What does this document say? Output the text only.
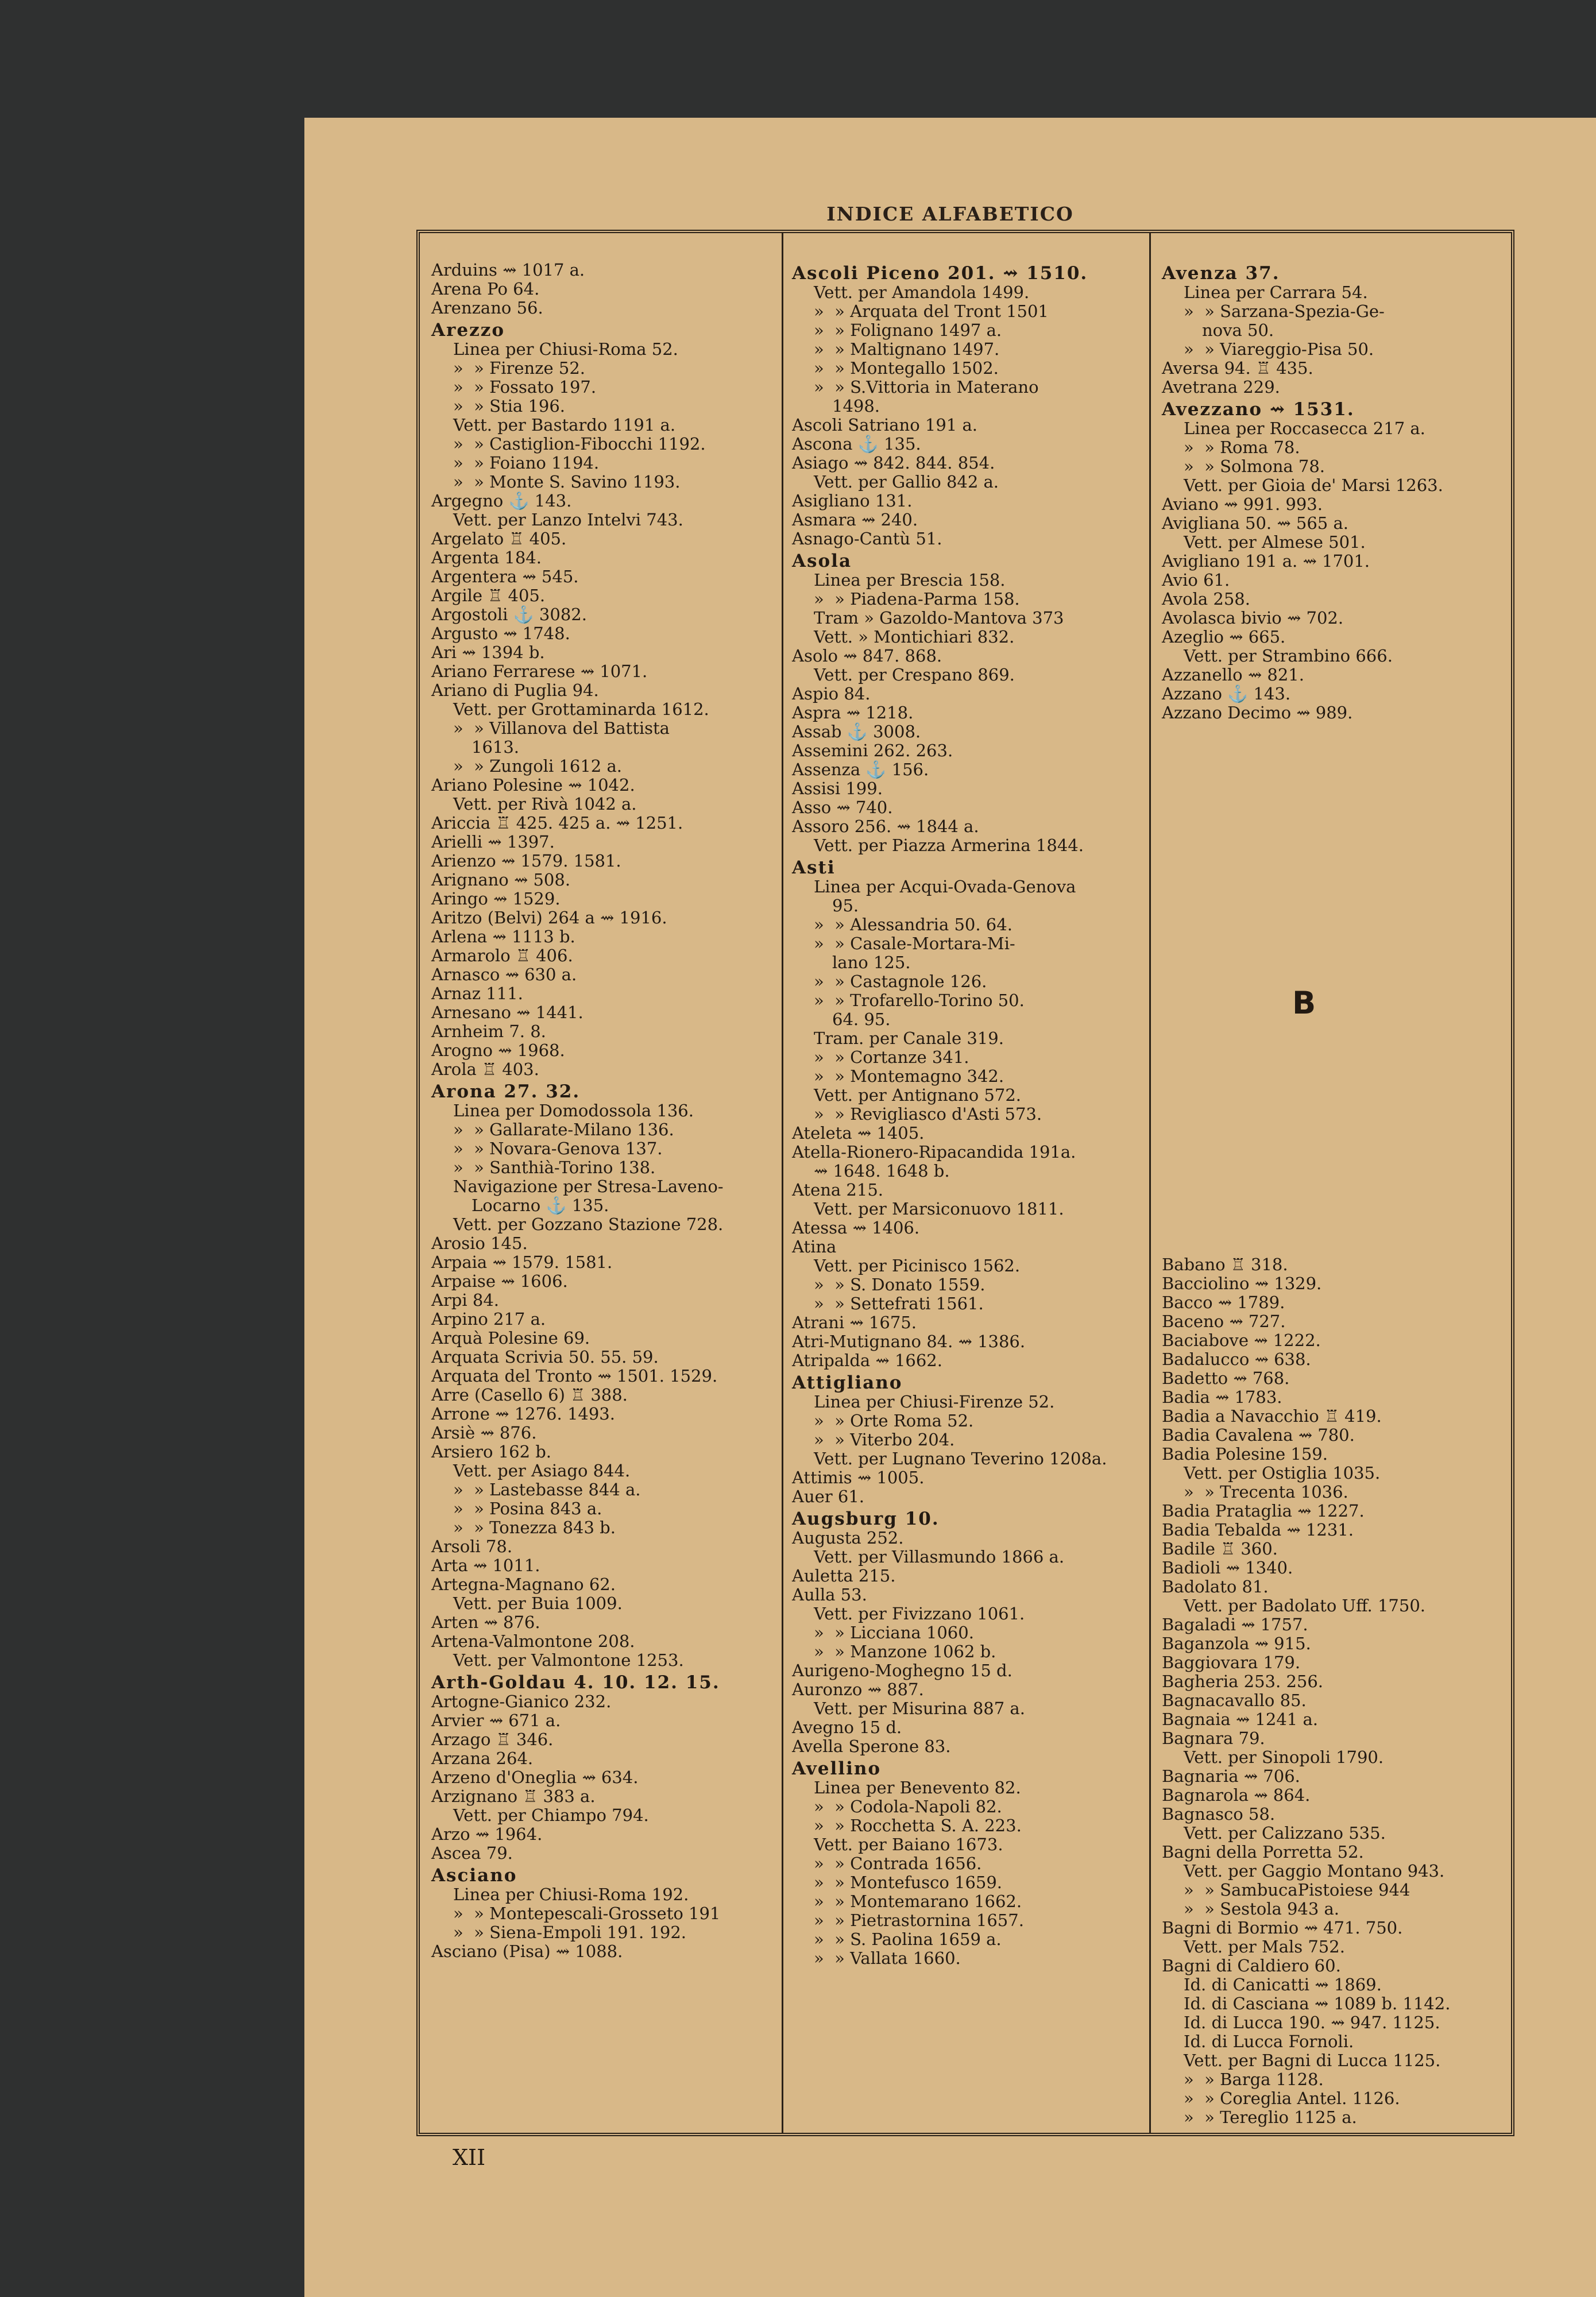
INDICE ALFABETICO
Arduins ⇝ 1017 a.
Arena Po 64.
Arenzano 56.
Arezzo
Linea per Chiusi-Roma 52.
»  » Firenze 52.
»  » Fossato 197.
»  » Stia 196.
Vett. per Bastardo 1191 a.
»  » Castiglion-Fibocchi 1192.
»  » Foiano 1194.
»  » Monte S. Savino 1193.
Argegno ⚓ 143.
Vett. per Lanzo Intelvi 743.
Argelato ♖ 405.
Argenta 184.
Argentera ⇝ 545.
Argile ♖ 405.
Argostoli ⚓ 3082.
Argusto ⇝ 1748.
Ari ⇝ 1394 b.
Ariano Ferrarese ⇝ 1071.
Ariano di Puglia 94.
Vett. per Grottaminarda 1612.
»  » Villanova del Battista
1613.
»  » Zungoli 1612 a.
Ariano Polesine ⇝ 1042.
Vett. per Rivà 1042 a.
Ariccia ♖ 425. 425 a. ⇝ 1251.
Arielli ⇝ 1397.
Arienzo ⇝ 1579. 1581.
Arignano ⇝ 508.
Aringo ⇝ 1529.
Aritzo (Belvi) 264 a ⇝ 1916.
Arlena ⇝ 1113 b.
Armarolo ♖ 406.
Arnasco ⇝ 630 a.
Arnaz 111.
Arnesano ⇝ 1441.
Arnheim 7. 8.
Arogno ⇝ 1968.
Arola ♖ 403.
Arona 27. 32.
Linea per Domodossola 136.
»  » Gallarate-Milano 136.
»  » Novara-Genova 137.
»  » Santhià-Torino 138.
Navigazione per Stresa-Laveno-
Locarno ⚓ 135.
Vett. per Gozzano Stazione 728.
Arosio 145.
Arpaia ⇝ 1579. 1581.
Arpaise ⇝ 1606.
Arpi 84.
Arpino 217 a.
Arquà Polesine 69.
Arquata Scrivia 50. 55. 59.
Arquata del Tronto ⇝ 1501. 1529.
Arre (Casello 6) ♖ 388.
Arrone ⇝ 1276. 1493.
Arsiè ⇝ 876.
Arsiero 162 b.
Vett. per Asiago 844.
»  » Lastebasse 844 a.
»  » Posina 843 a.
»  » Tonezza 843 b.
Arsoli 78.
Arta ⇝ 1011.
Artegna-Magnano 62.
Vett. per Buia 1009.
Arten ⇝ 876.
Artena-Valmontone 208.
Vett. per Valmontone 1253.
Arth-Goldau 4. 10. 12. 15.
Artogne-Gianico 232.
Arvier ⇝ 671 a.
Arzago ♖ 346.
Arzana 264.
Arzeno d'Oneglia ⇝ 634.
Arzignano ♖ 383 a.
Vett. per Chiampo 794.
Arzo ⇝ 1964.
Ascea 79.
Asciano
Linea per Chiusi-Roma 192.
»  » Montepescali-Grosseto 191
»  » Siena-Empoli 191. 192.
Asciano (Pisa) ⇝ 1088.
Ascoli Piceno 201. ⇝ 1510.
Vett. per Amandola 1499.
»  » Arquata del Tront 1501
»  » Folignano 1497 a.
»  » Maltignano 1497.
»  » Montegallo 1502.
»  » S.Vittoria in Materano
1498.
Ascoli Satriano 191 a.
Ascona ⚓ 135.
Asiago ⇝ 842. 844. 854.
Vett. per Gallio 842 a.
Asigliano 131.
Asmara ⇝ 240.
Asnago-Cantù 51.
Asola
Linea per Brescia 158.
»  » Piadena-Parma 158.
Tram » Gazoldo-Mantova 373
Vett. » Montichiari 832.
Asolo ⇝ 847. 868.
Vett. per Crespano 869.
Aspio 84.
Aspra ⇝ 1218.
Assab ⚓ 3008.
Assemini 262. 263.
Assenza ⚓ 156.
Assisi 199.
Asso ⇝ 740.
Assoro 256. ⇝ 1844 a.
Vett. per Piazza Armerina 1844.
Asti
Linea per Acqui-Ovada-Genova
95.
»  » Alessandria 50. 64.
»  » Casale-Mortara-Mi-
lano 125.
»  » Castagnole 126.
»  » Trofarello-Torino 50.
64. 95.
Tram. per Canale 319.
»  » Cortanze 341.
»  » Montemagno 342.
Vett. per Antignano 572.
»  » Revigliasco d'Asti 573.
Ateleta ⇝ 1405.
Atella-Rionero-Ripacandida 191a.
⇝ 1648. 1648 b.
Atena 215.
Vett. per Marsiconuovo 1811.
Atessa ⇝ 1406.
Atina
Vett. per Picinisco 1562.
»  » S. Donato 1559.
»  » Settefrati 1561.
Atrani ⇝ 1675.
Atri-Mutignano 84. ⇝ 1386.
Atripalda ⇝ 1662.
Attigliano
Linea per Chiusi-Firenze 52.
»  » Orte Roma 52.
»  » Viterbo 204.
Vett. per Lugnano Teverino 1208a.
Attimis ⇝ 1005.
Auer 61.
Augsburg 10.
Augusta 252.
Vett. per Villasmundo 1866 a.
Auletta 215.
Aulla 53.
Vett. per Fivizzano 1061.
»  » Licciana 1060.
»  » Manzone 1062 b.
Aurigeno-Moghegno 15 d.
Auronzo ⇝ 887.
Vett. per Misurina 887 a.
Avegno 15 d.
Avella Sperone 83.
Avellino
Linea per Benevento 82.
»  » Codola-Napoli 82.
»  » Rocchetta S. A. 223.
Vett. per Baiano 1673.
»  » Contrada 1656.
»  » Montefusco 1659.
»  » Montemarano 1662.
»  » Pietrastornina 1657.
»  » S. Paolina 1659 a.
»  » Vallata 1660.
Avenza 37.
Linea per Carrara 54.
»  » Sarzana-Spezia-Ge-
nova 50.
»  » Viareggio-Pisa 50.
Aversa 94. ♖ 435.
Avetrana 229.
Avezzano ⇝ 1531.
Linea per Roccasecca 217 a.
»  » Roma 78.
»  » Solmona 78.
Vett. per Gioia de' Marsi 1263.
Aviano ⇝ 991. 993.
Avigliana 50. ⇝ 565 a.
Vett. per Almese 501.
Avigliano 191 a. ⇝ 1701.
Avio 61.
Avola 258.
Avolasca bivio ⇝ 702.
Azeglio ⇝ 665.
Vett. per Strambino 666.
Azzanello ⇝ 821.
Azzano ⚓ 143.
Azzano Decimo ⇝ 989.
Babano ♖ 318.
Bacciolino ⇝ 1329.
Bacco ⇝ 1789.
Baceno ⇝ 727.
Baciabove ⇝ 1222.
Badalucco ⇝ 638.
Badetto ⇝ 768.
Badia ⇝ 1783.
Badia a Navacchio ♖ 419.
Badia Cavalena ⇝ 780.
Badia Polesine 159.
Vett. per Ostiglia 1035.
»  » Trecenta 1036.
Badia Prataglia ⇝ 1227.
Badia Tebalda ⇝ 1231.
Badile ♖ 360.
Badioli ⇝ 1340.
Badolato 81.
Vett. per Badolato Uff. 1750.
Bagaladi ⇝ 1757.
Baganzola ⇝ 915.
Baggiovara 179.
Bagheria 253. 256.
Bagnacavallo 85.
Bagnaia ⇝ 1241 a.
Bagnara 79.
Vett. per Sinopoli 1790.
Bagnaria ⇝ 706.
Bagnarola ⇝ 864.
Bagnasco 58.
Vett. per Calizzano 535.
Bagni della Porretta 52.
Vett. per Gaggio Montano 943.
»  » SambucaPistoiese 944
»  » Sestola 943 a.
Bagni di Bormio ⇝ 471. 750.
Vett. per Mals 752.
Bagni di Caldiero 60.
Id. di Canicatti ⇝ 1869.
Id. di Casciana ⇝ 1089 b. 1142.
Id. di Lucca 190. ⇝ 947. 1125.
Id. di Lucca Fornoli.
Vett. per Bagni di Lucca 1125.
»  » Barga 1128.
»  » Coreglia Antel. 1126.
»  » Tereglio 1125 a.
B
XII
